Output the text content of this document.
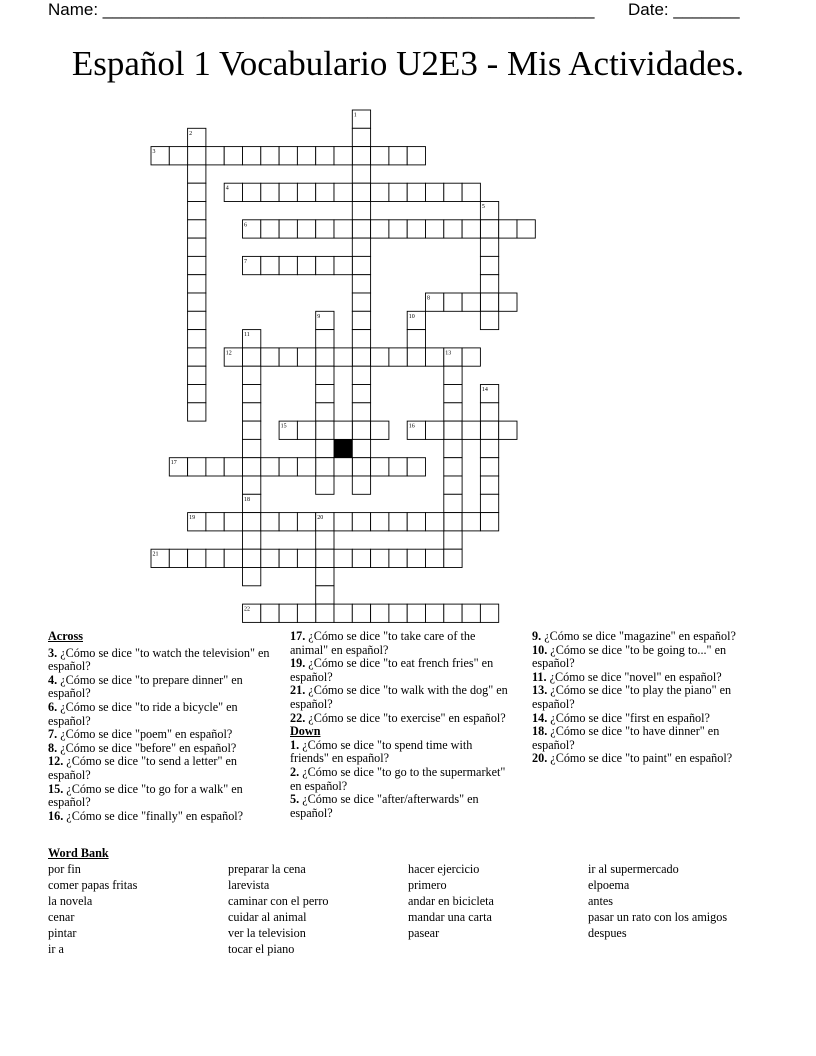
Name: ____________________________________________________ Date: _______
Español 1 Vocabulario U2E3 - Mis Actividades.
1
2
3
4
5
6
7
8
9	10
11
12	13
14
15	16
17
18
19	20
21
22
Across
3. ¿Cómo se dice "to watch the television" en español?
4. ¿Cómo se dice "to prepare dinner" en español?
6. ¿Cómo se dice "to ride a bicycle" en español?
7. ¿Cómo se dice "poem" en español?
8. ¿Cómo se dice "before" en español?
12. ¿Cómo se dice "to send a letter" en español?
15. ¿Cómo se dice "to go for a walk" en español?
16. ¿Cómo se dice "finally" en español?
17. ¿Cómo se dice "to take care of the animal" en español?
19. ¿Cómo se dice "to eat french fries" en español?
21. ¿Cómo se dice "to walk with the dog" en español?
22. ¿Cómo se dice "to exercise" en español?
Down
1. ¿Cómo se dice "to spend time with friends" en español?
2. ¿Cómo se dice "to go to the supermarket" en español?
5. ¿Cómo se dice "after/afterwards" en español?
9. ¿Cómo se dice "magazine" en español?
10. ¿Cómo se dice "to be going to..." en español?
11. ¿Cómo se dice "novel" en español?
13. ¿Cómo se dice "to play the piano" en español?
14. ¿Cómo se dice "first en español?
18. ¿Cómo se dice "to have dinner" en español?
20. ¿Cómo se dice "to paint" en español?
Word Bank
por fin
comer papas fritas
la novela
cenar
pintar
ir a
preparar la cena
larevista
caminar con el perro
cuidar al animal
ver la television
tocar el piano
hacer ejercicio
primero
andar en bicicleta
mandar una carta
pasear
ir al supermercado
elpoema
antes
pasar un rato con los amigos
despues
